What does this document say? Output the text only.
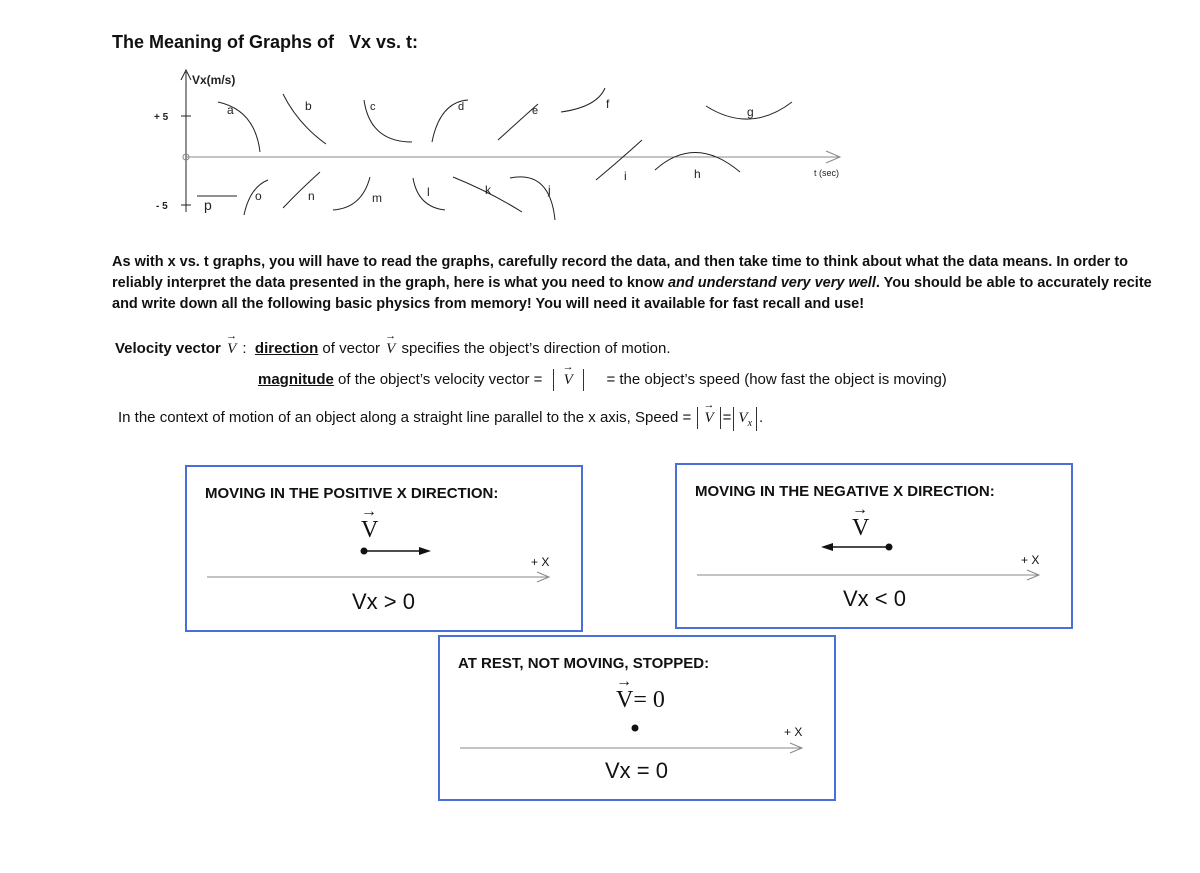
The Meaning of Graphs of   Vx vs. t:
Vx(m/s)
t (sec)
+ 5
- 5
a	b	c	d	e	f
g
h
i
j
k
l
m
n
o
p
As with x vs. t graphs, you will have to read the graphs, carefully record the data, and then take time to think about what the data means. In order to reliably interpret the data presented in the graph, here is what you need to know and understand very very well. You should be able to accurately recite and write down all the following basic physics from memory! You will need it available for fast recall and use!
Velocity vector → V : direction of vector → V specifies the object’s direction of motion.
magnitude of the object’s velocity vector = → V = the object’s speed (how fast the object is moving)
In the context of motion of an object along a straight line parallel to the x axis, Speed = → $V = V_x$ .
MOVING IN THE POSITIVE X DIRECTION:
→
V
+ X
Vx > 0
MOVING IN THE NEGATIVE X DIRECTION:
→
V
+ X
Vx < 0
AT REST, NOT MOVING, STOPPED:
→
V= 0
+ X
Vx = 0
